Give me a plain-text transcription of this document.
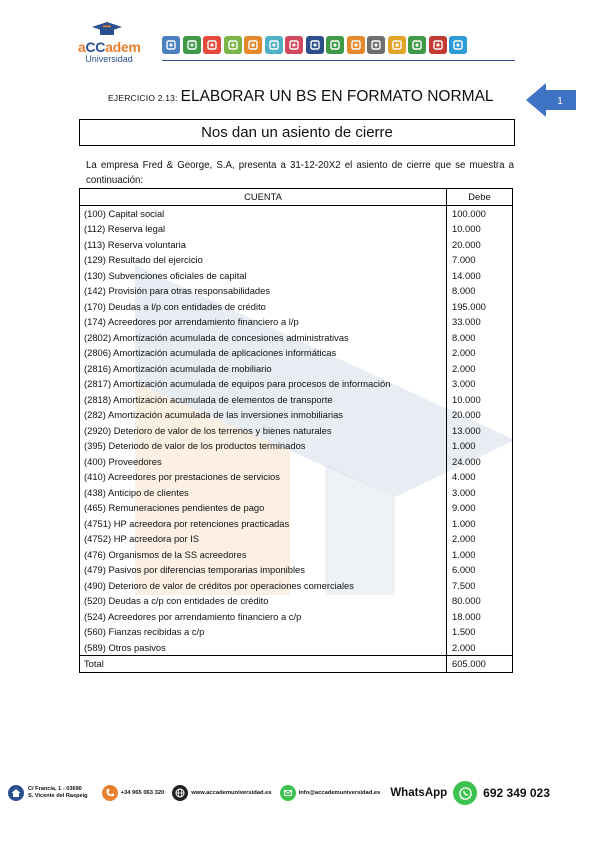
aCCadem
Universidad
EJERCICIO 2.13: ELABORAR UN BS EN FORMATO NORMAL	1
Nos dan un asiento de cierre
La empresa Fred & George, S.A, presenta a 31-12-20X2 el asiento de cierre que se muestra a continuación:
CUENTA	Debe
(100) Capital social	100.000
(112) Reserva legal	10.000
(113) Reserva voluntaria	20.000
(129) Resultado del ejercicio	7.000
(130) Subvenciones oficiales de capital	14.000
(142) Provisión para otras responsabilidades	8.000
(170) Deudas a l/p con entidades de crédito	195.000
(174) Acreedores por arrendamiento financiero a l/p	33.000
(2802) Amortización acumulada de concesiones administrativas	8.000
(2806) Amortización acumulada de aplicaciones informáticas	2.000
(2816) Amortización acumulada de mobiliario	2.000
(2817) Amortización acumulada de equipos para procesos de información	3.000
(2818) Amortización acumulada de elementos de transporte	10.000
(282) Amortización acumulada de las inversiones inmobiliarias	20.000
(2920) Deterioro de valor de los terrenos y bienes naturales	13.000
(395) Deteriodo de valor de los productos terminados	1.000
(400) Proveedores	24.000
(410) Acreedores por prestaciones de servicios	4.000
(438) Anticipo de clientes	3.000
(465) Remuneraciones pendientes de pago	9.000
(4751) HP acreedora por retenciones practicadas	1.000
(4752) HP acreedora por IS	2.000
(476) Organismos de la SS acreedores	1.000
(479) Pasivos por diferencias temporarias imponibles	6.000
(490) Deterioro de valor de créditos por operaciones comerciales	7.500
(520) Deudas a c/p con entidades de crédito	80.000
(524) Acreedores por arrendamiento financiero a c/p	18.000
(560) Fianzas recibidas a c/p	1.500
(589) Otros pasivos	2.000
Total	605.000
C/ Francia, 1 - 03690
S. Vicente del Raspeig	+34 965 063 320	www.accademuniversidad.es	info@accademuniversidad.es WhatsApp	692 349 023
